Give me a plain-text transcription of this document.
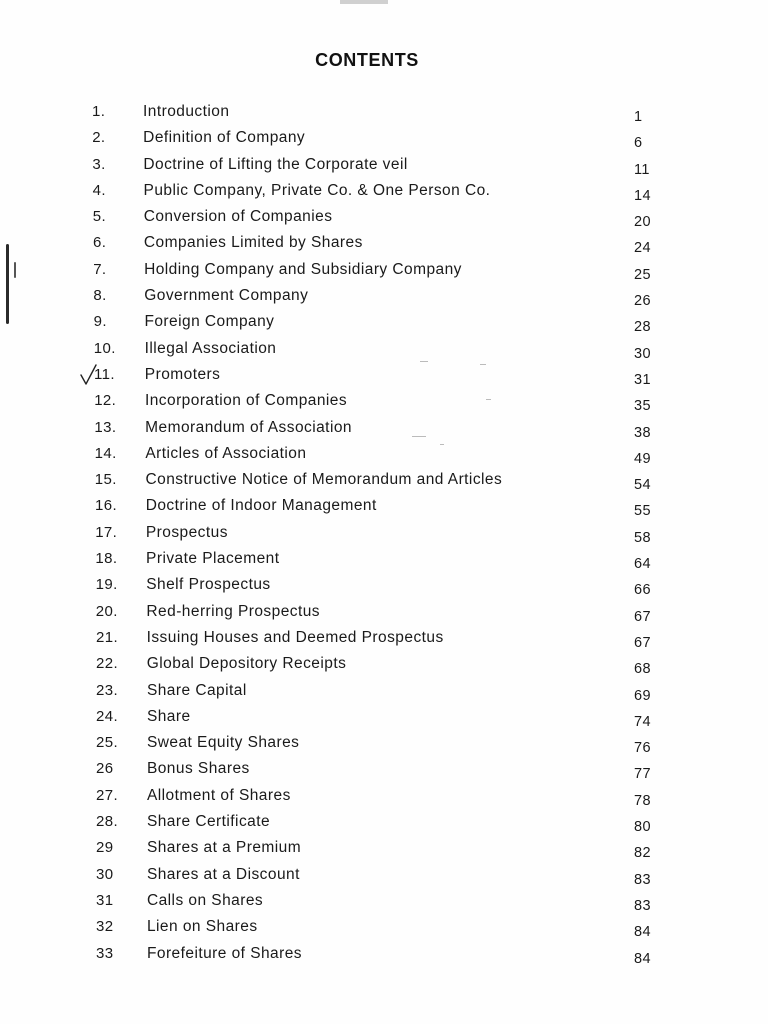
CONTENTS
1.	Introduction	1
2.	Definition of Company	6
3.	Doctrine of Lifting the Corporate veil	11
4.	Public Company, Private Co. & One Person Co.	14
5.	Conversion of Companies	20
6.	Companies Limited by Shares	24
7.	Holding Company and Subsidiary Company	25
8.	Government Company	26
9.	Foreign Company	28
10.	Illegal Association	30
11.	Promoters	31
12.	Incorporation of Companies	35
13.	Memorandum of Association	38
14.	Articles of Association	49
15.	Constructive Notice of Memorandum and Articles	54
16.	Doctrine of Indoor Management	55
17.	Prospectus	58
18.	Private Placement	64
19.	Shelf Prospectus	66
20.	Red-herring Prospectus	67
21.	Issuing Houses and Deemed Prospectus	67
22.	Global Depository Receipts	68
23.	Share Capital	69
24.	Share	74
25.	Sweat Equity Shares	76
26	Bonus Shares	77
27.	Allotment of Shares	78
28.	Share Certificate	80
29	Shares at a Premium	82
30	Shares at a Discount	83
31	Calls on Shares	83
32	Lien on Shares	84
33	Forefeiture of Shares	84
